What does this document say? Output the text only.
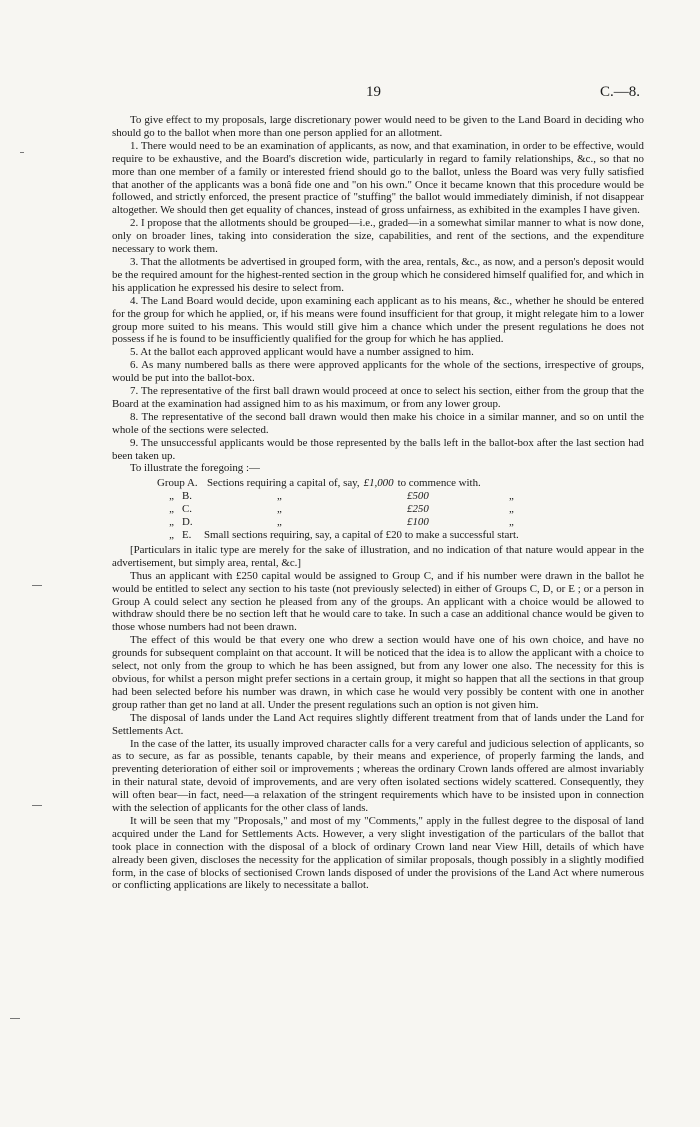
19	C.—8.

To give effect to my proposals, large discretionary power would need to be given to the Land Board in deciding who should go to the ballot when more than one person applied for an allotment.

1. There would need to be an examination of applicants, as now, and that examination, in order to be effective, would require to be exhaustive, and the Board's discretion wide, particularly in regard to family relationships, &c., so that no more than one member of a family or interested friend should go to the ballot, unless the Board was very fully satisfied that another of the applicants was a bonâ fide one and "on his own." Once it became known that this procedure would be followed, and strictly enforced, the present practice of "stuffing" the ballot would immediately diminish, if not disappear altogether. We should then get equality of chances, instead of gross unfairness, as exhibited in the examples I have given.

2. I propose that the allotments should be grouped—i.e., graded—in a somewhat similar manner to what is now done, only on broader lines, taking into consideration the size, capabilities, and rent of the sections, and the expenditure necessary to work them.

3. That the allotments be advertised in grouped form, with the area, rentals, &c., as now, and a person's deposit would be the required amount for the highest-rented section in the group which he considered himself qualified for, and which in his application he expressed his desire to select from.

4. The Land Board would decide, upon examining each applicant as to his means, &c., whether he should be entered for the group for which he applied, or, if his means were found insufficient for that group, it might relegate him to a lower group more suited to his means. This would still give him a chance which under the present regulations he does not possess if he is found to be insufficiently qualified for the group for which he has applied.

5. At the ballot each approved applicant would have a number assigned to him.

6. As many numbered balls as there were approved applicants for the whole of the sections, irrespective of groups, would be put into the ballot-box.

7. The representative of the first ball drawn would proceed at once to select his section, either from the group that the Board at the examination had assigned him to as his maximum, or from any lower group.

8. The representative of the second ball drawn would then make his choice in a similar manner, and so on until the whole of the sections were selected.

9. The unsuccessful applicants would be those represented by the balls left in the ballot-box after the last section had been taken up.

To illustrate the foregoing :—

Group A. Sections requiring a capital of, say, £1,000 to commence with.
„ B.	„	£500	„
„ C.	„	£250	„
„ D.	„	£100	„
„ E.	Small sections requiring, say, a capital of £20 to make a successful start.

[Particulars in italic type are merely for the sake of illustration, and no indication of that nature would appear in the advertisement, but simply area, rental, &c.]

Thus an applicant with £250 capital would be assigned to Group C, and if his number were drawn in the ballot he would be entitled to select any section to his taste (not previously selected) in either of Groups C, D, or E ; or a person in Group A could select any section he pleased from any of the groups. An applicant with a choice would be allowed to withdraw should there be no section left that he would care to take. In such a case an additional chance would be given to those whose numbers had not been drawn.

The effect of this would be that every one who drew a section would have one of his own choice, and have no grounds for subsequent complaint on that account. It will be noticed that the idea is to allow the applicant with a choice to select, not only from the group to which he has been assigned, but from any lower one also. The necessity for this is obvious, for whilst a person might prefer sections in a certain group, it might so happen that all the sections in that group had been selected before his number was drawn, in which case he would very possibly be content with one in another group rather than get no land at all. Under the present regulations such an option is not given him.

The disposal of lands under the Land Act requires slightly different treatment from that of lands under the Land for Settlements Act.

In the case of the latter, its usually improved character calls for a very careful and judicious selection of applicants, so as to secure, as far as possible, tenants capable, by their means and experience, of properly farming the lands, and preventing deterioration of either soil or improvements ; whereas the ordinary Crown lands offered are almost invariably in their natural state, devoid of improvements, and are very often isolated sections widely scattered. Consequently, they will often bear—in fact, need—a relaxation of the stringent requirements which have to be insisted upon in connection with the selection of applicants for the other class of lands.

It will be seen that my "Proposals," and most of my "Comments," apply in the fullest degree to the disposal of land acquired under the Land for Settlements Acts. However, a very slight investigation of the particulars of the ballot that took place in connection with the disposal of a block of ordinary Crown land near View Hill, details of which have already been given, discloses the necessity for the application of similar proposals, though possibly in a slightly modified form, in the case of blocks of sectionised Crown lands disposed of under the provisions of the Land Act where numerous or conflicting applications are likely to necessitate a ballot.
